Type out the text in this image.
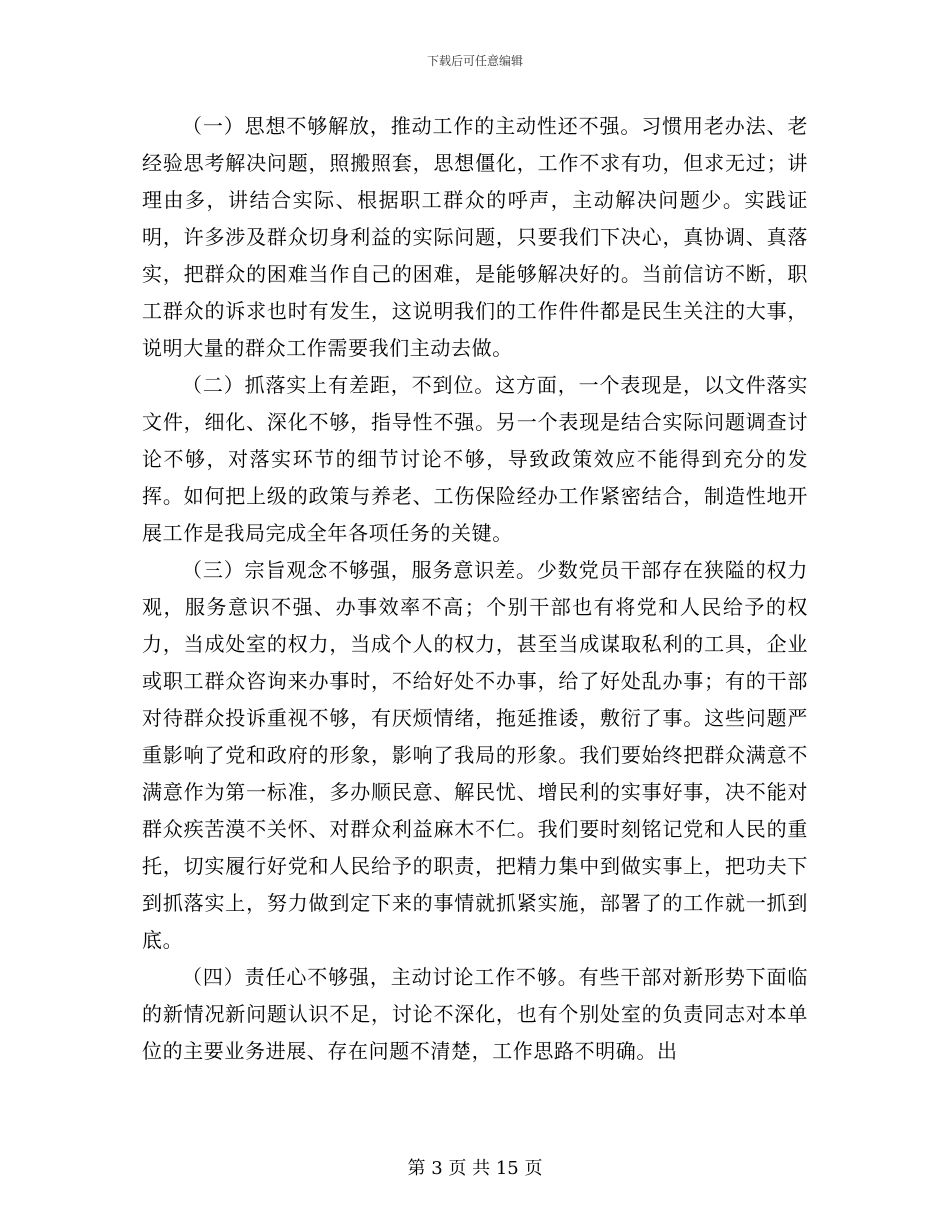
下载后可任意编辑

（一）思想不够解放，推动工作的主动性还不强。习惯用老办法、老经验思考解决问题，照搬照套，思想僵化，工作不求有功，但求无过；讲理由多，讲结合实际、根据职工群众的呼声，主动解决问题少。实践证明，许多涉及群众切身利益的实际问题，只要我们下决心，真协调、真落实，把群众的困难当作自己的困难，是能够解决好的。当前信访不断，职工群众的诉求也时有发生，这说明我们的工作件件都是民生关注的大事，说明大量的群众工作需要我们主动去做。

（二）抓落实上有差距，不到位。这方面，一个表现是，以文件落实文件，细化、深化不够，指导性不强。另一个表现是结合实际问题调查讨论不够，对落实环节的细节讨论不够，导致政策效应不能得到充分的发挥。如何把上级的政策与养老、工伤保险经办工作紧密结合，制造性地开展工作是我局完成全年各项任务的关键。

（三）宗旨观念不够强，服务意识差。少数党员干部存在狭隘的权力观，服务意识不强、办事效率不高；个别干部也有将党和人民给予的权力，当成处室的权力，当成个人的权力，甚至当成谋取私利的工具，企业或职工群众咨询来办事时，不给好处不办事，给了好处乱办事；有的干部对待群众投诉重视不够，有厌烦情绪，拖延推诿，敷衍了事。这些问题严重影响了党和政府的形象，影响了我局的形象。我们要始终把群众满意不满意作为第一标准，多办顺民意、解民忧、增民利的实事好事，决不能对群众疾苦漠不关怀、对群众利益麻木不仁。我们要时刻铭记党和人民的重托，切实履行好党和人民给予的职责，把精力集中到做实事上，把功夫下到抓落实上，努力做到定下来的事情就抓紧实施，部署了的工作就一抓到底。

（四）责任心不够强，主动讨论工作不够。有些干部对新形势下面临的新情况新问题认识不足，讨论不深化，也有个别处室的负责同志对本单位的主要业务进展、存在问题不清楚，工作思路不明确。出

第 3 页 共 15 页
